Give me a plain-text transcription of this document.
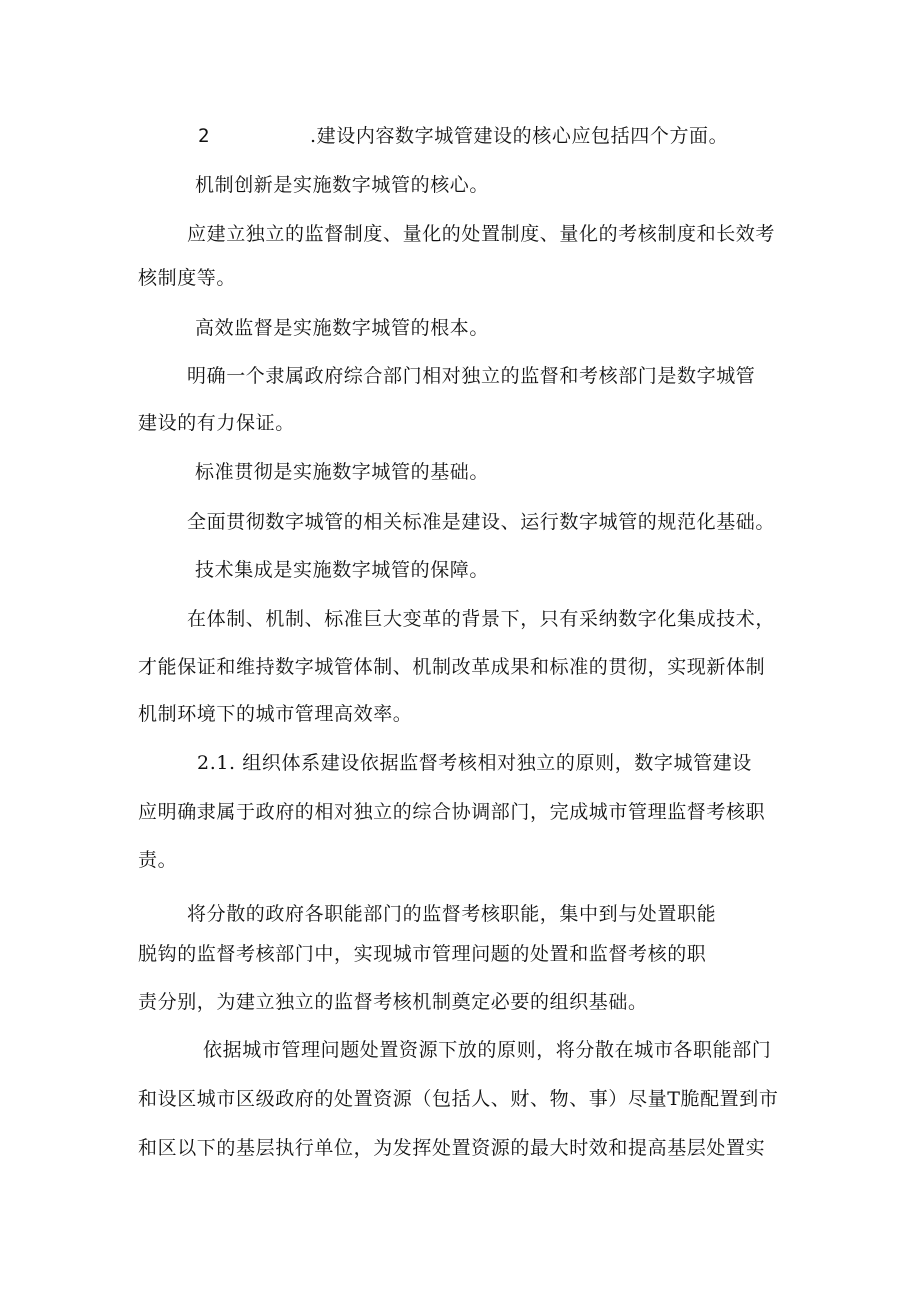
2	.建设内容数字城管建设的核心应包括四个方面。
机制创新是实施数字城管的核心。
应建立独立的监督制度、量化的处置制度、量化的考核制度和长效考
核制度等。
高效监督是实施数字城管的根本。
明确一个隶属政府综合部门相对独立的监督和考核部门是数字城管
建设的有力保证。
标准贯彻是实施数字城管的基础。
全面贯彻数字城管的相关标准是建设、运行数字城管的规范化基础。
技术集成是实施数字城管的保障。
在体制、机制、标准巨大变革的背景下，只有采纳数字化集成技术，
才能保证和维持数字城管体制、机制改革成果和标准的贯彻，实现新体制
机制环境下的城市管理高效率。
2.1. 组织体系建设依据监督考核相对独立的原则，数字城管建设
应明确隶属于政府的相对独立的综合协调部门，完成城市管理监督考核职
责。
将分散的政府各职能部门的监督考核职能，集中到与处置职能
脱钩的监督考核部门中，实现城市管理问题的处置和监督考核的职
责分别，为建立独立的监督考核机制奠定必要的组织基础。
依据城市管理问题处置资源下放的原则，将分散在城市各职能部门
和设区城市区级政府的处置资源（包括人、财、物、事）尽量T脆配置到市
和区以下的基层执行单位，为发挥处置资源的最大时效和提高基层处置实
